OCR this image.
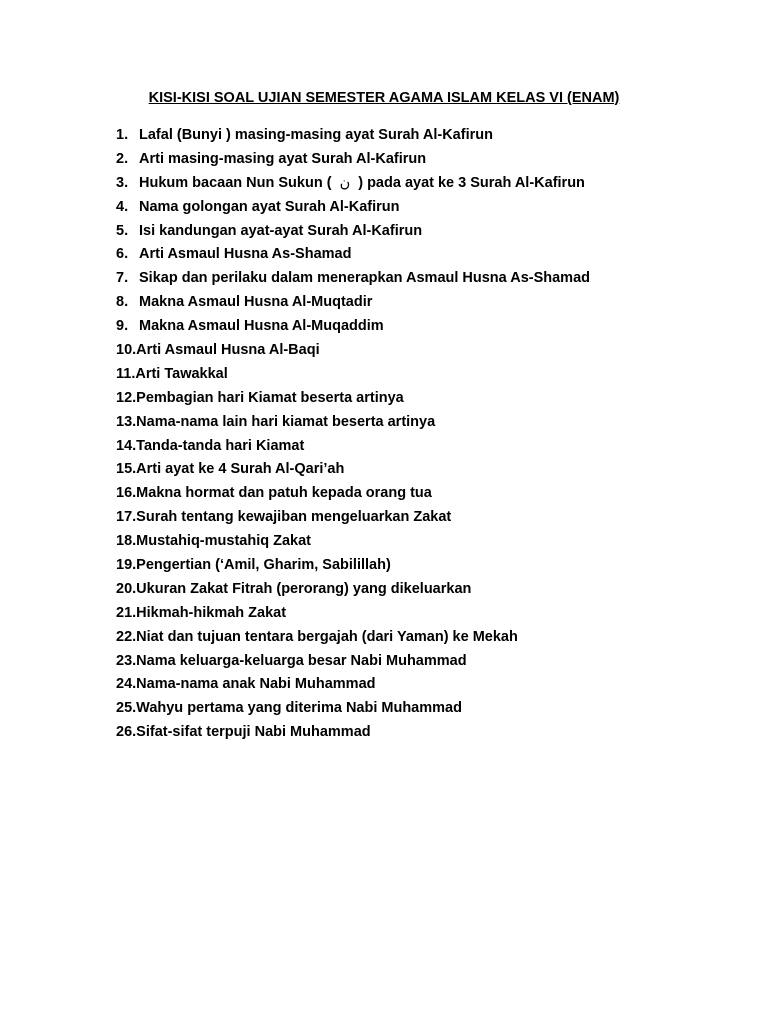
KISI-KISI SOAL UJIAN SEMESTER AGAMA ISLAM KELAS VI (ENAM)
1. Lafal (Bunyi ) masing-masing ayat Surah Al-Kafirun
2. Arti masing-masing ayat Surah Al-Kafirun
3. Hukum bacaan Nun Sukun ( ن ) pada ayat ke 3 Surah Al-Kafirun
4. Nama golongan ayat Surah Al-Kafirun
5. Isi kandungan ayat-ayat Surah Al-Kafirun
6. Arti Asmaul Husna As-Shamad
7. Sikap dan perilaku dalam menerapkan Asmaul Husna As-Shamad
8. Makna Asmaul Husna Al-Muqtadir
9. Makna Asmaul Husna Al-Muqaddim
10. Arti Asmaul Husna Al-Baqi
11. Arti Tawakkal
12. Pembagian hari Kiamat beserta artinya
13. Nama-nama lain hari kiamat beserta artinya
14. Tanda-tanda hari Kiamat
15. Arti ayat ke 4 Surah Al-Qari’ah
16. Makna hormat dan patuh kepada orang tua
17. Surah tentang kewajiban mengeluarkan Zakat
18. Mustahiq-mustahiq Zakat
19. Pengertian (‘Amil, Gharim, Sabilillah)
20. Ukuran Zakat Fitrah (perorang) yang dikeluarkan
21. Hikmah-hikmah Zakat
22. Niat dan tujuan tentara bergajah (dari Yaman) ke Mekah
23. Nama keluarga-keluarga besar Nabi Muhammad
24. Nama-nama anak Nabi Muhammad
25. Wahyu pertama yang diterima Nabi Muhammad
26. Sifat-sifat terpuji Nabi Muhammad
